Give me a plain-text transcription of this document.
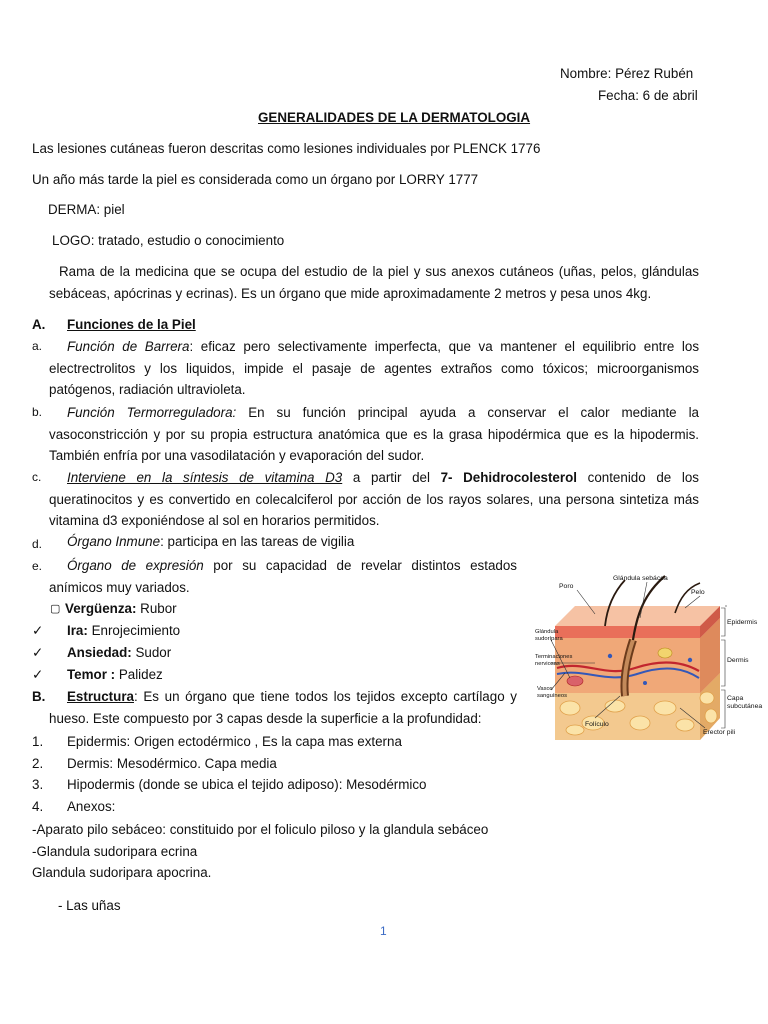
Nombre: Pérez Rubén
Fecha: 6 de abril
GENERALIDADES DE LA DERMATOLOGIA
Las lesiones cutáneas fueron descritas como lesiones individuales por PLENCK 1776
Un año más tarde la piel es considerada como un órgano por LORRY 1777
DERMA: piel
LOGO: tratado, estudio o conocimiento
Rama de la medicina que se ocupa del estudio de la piel y sus anexos cutáneos (uñas, pelos, glándulas
sebáceas, apócrinas y ecrinas). Es un órgano que mide aproximadamente 2 metros y pesa unos 4kg.
A. Funciones de la Piel
a.	Función de Barrera: eficaz pero selectivamente imperfecta, que va mantener el equilibrio entre los
electrectrolitos y los liquidos, impide el pasaje de agentes extraños como tóxicos; microorganismos
patógenos, radiación ultravioleta.
b.	Función Termorreguladora: En su función principal ayuda a conservar el calor mediante la
vasoconstricción y por su propia estructura anatómica que es la grasa hipodérmica que es la hipodermis.
También enfría por una vasodilatación y evaporación del sudor.
c.	Interviene en la síntesis de vitamina D3 a partir del 7- Dehidrocolesterol contenido de los
queratinocitos y es convertido en colecalciferol por acción de los rayos solares, una persona sintetiza más
vitamina d3 exponiéndose al sol en horarios permitidos.
d. Órgano Inmune: participa en las tareas de vigilia
e.	Órgano de expresión por su capacidad de revelar distintos estados
anímicos muy variados.
▢ Vergüenza: Rubor
✓ Ira: Enrojecimiento
✓ Ansiedad: Sudor
✓ Temor : Palidez
B.	Estructura: Es un órgano que tiene todos los tejidos excepto cartílago y
hueso. Este compuesto por 3 capas desde la superficie a la profundidad:
1. Epidermis: Origen ectodérmico , Es la capa mas externa
2. Dermis: Mesodérmico. Capa media
3. Hipodermis (donde se ubica el tejido adiposo): Mesodérmico
4. Anexos:
-Aparato pilo sebáceo: constituido por el foliculo piloso y la glandula sebáceo
-Glandula sudoripara ecrina
Glandula sudoripara apocrina.
- Las uñas
1
Poro
Glándula sebácea
Pelo
Epidermis
Glándula
sudorípara
Terminaciones
nerviosas	Dermis
Vasos
sanguíneos	Capa
subcutánea
Folículo
Erector pili
